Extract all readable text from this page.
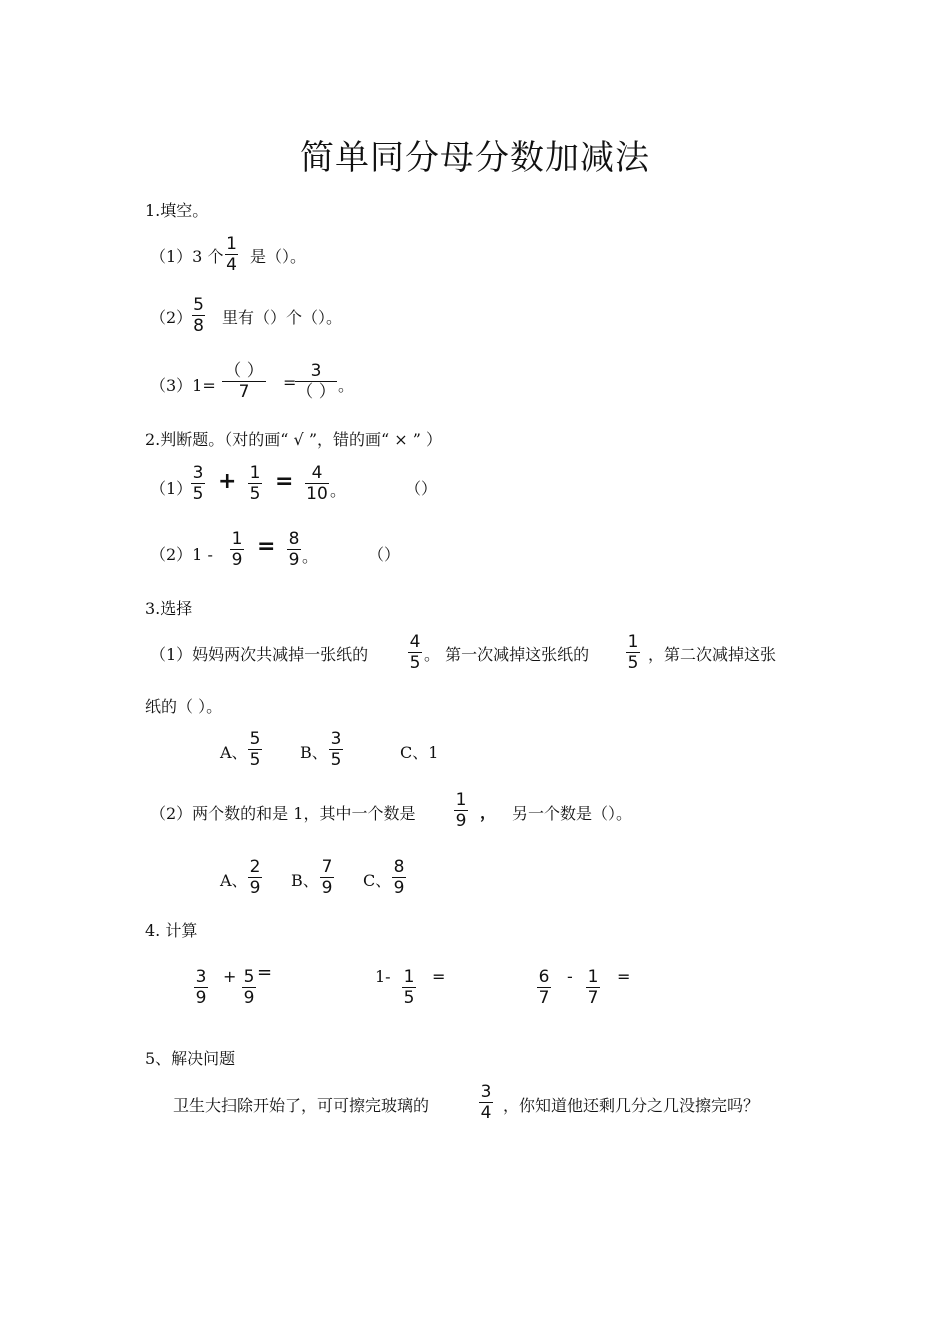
简单同分母分数加减法
1.填空。
（1）3 个 $\frac{1}{4}$ 是（）。
$(2) \frac{5}{8}$ 里有（）个（）。
（3）1=
（ ）
7	=
3
（ ） 。
2.判断题。（对的画“ √ ”，错的画“ × ” ）
（1）
$\frac{3}{5} + \frac{1}{5} = \frac{4}{10}$ 。	（）
$(2)1 - \frac{1}{9} = \frac{8}{9}$ 。	（）
3.选择
（1）妈妈两次共减掉一张纸的 $\frac{4}{5}$ 。 第一次减掉这张纸的 $\frac{1}{5}$ ，第二次减掉这张
纸的（ ）。
A、 $\frac{5}{5}$ B、 $\frac{3}{5}$	C、1
（2）两个数的和是 1，其中一个数是 $\frac{1}{9}$ ， 另一个数是（）。
A、 $\frac{2}{9}$ B、 $\frac{7}{9}$ C、 $\frac{8}{9}$
4. 计算
$\frac{3}{9} + \frac{5}{9}$ =	$1- \frac{1}{5}$ =	$\frac{6}{7} - \frac{1}{7}$ =
5、解决问题
卫生大扫除开始了，可可擦完玻璃的	$\frac{3}{4}$ ，你知道他还剩几分之几没擦完吗？
